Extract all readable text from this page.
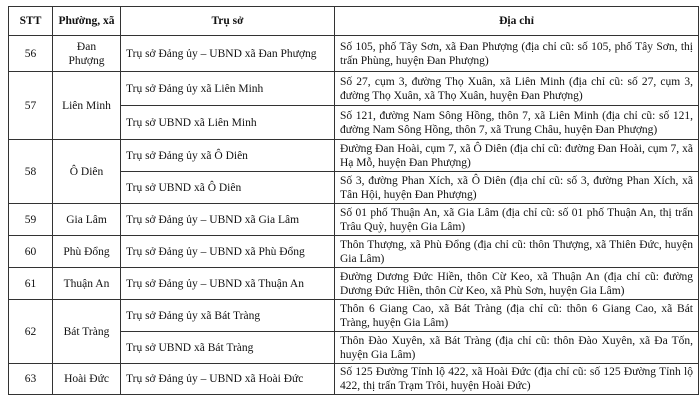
STT	Phường, xã	Trụ sở	Địa chỉ
56	Đan Phượng	Trụ sở Đảng ủy – UBND xã Đan Phượng	Số 105, phố Tây Sơn, xã Đan Phượng (địa chỉ cũ: số 105, phố Tây Sơn, thị trấn Phùng, huyện Đan Phượng)
57	Liên Minh	Trụ sở Đảng ủy xã Liên Minh	Số 27, cụm 3, đường Thọ Xuân, xã Liên Minh (địa chỉ cũ: số 27, cụm 3, đường Thọ Xuân, xã Thọ Xuân, huyện Đan Phượng)
		Trụ sở UBND xã Liên Minh	Số 121, đường Nam Sông Hồng, thôn 7, xã Liên Minh (địa chỉ cũ: số 121, đường Nam Sông Hồng, thôn 7, xã Trung Châu, huyện Đan Phượng)
58	Ô Diên	Trụ sở Đảng ủy xã Ô Diên	Đường Đan Hoài, cụm 7, xã Ô Diên (địa chỉ cũ: đường Đan Hoài, cụm 7, xã Hạ Mỗ, huyện Đan Phượng)
		Trụ sở UBND xã Ô Diên	Số 3, đường Phan Xích, xã Ô Diên (địa chỉ cũ: số 3, đường Phan Xích, xã Tân Hội, huyện Đan Phượng)
59	Gia Lâm	Trụ sở Đảng ủy – UBND xã Gia Lâm	Số 01 phố Thuận An, xã Gia Lâm (địa chỉ cũ: số 01 phố Thuận An, thị trấn Trâu Quỳ, huyện Gia Lâm)
60	Phù Đổng	Trụ sở Đảng ủy – UBND xã Phù Đổng	Thôn Thượng, xã Phù Đổng (địa chỉ cũ: thôn Thượng, xã Thiên Đức, huyện Gia Lâm)
61	Thuận An	Trụ sở Đảng ủy – UBND xã Thuận An	Đường Dương Đức Hiền, thôn Cừ Keo, xã Thuận An (địa chỉ cũ: đường Dương Đức Hiền, thôn Cừ Keo, xã Phù Sơn, huyện Gia Lâm)
62	Bát Tràng	Trụ sở Đảng ủy xã Bát Tràng	Thôn 6 Giang Cao, xã Bát Tràng (địa chỉ cũ: thôn 6 Giang Cao, xã Bát Tràng, huyện Gia Lâm)
		Trụ sở UBND xã Bát Tràng	Thôn Đào Xuyên, xã Bát Tràng (địa chỉ cũ: thôn Đào Xuyên, xã Đa Tốn, huyện Gia Lâm)
63	Hoài Đức	Trụ sở Đảng ủy – UBND xã Hoài Đức	Số 125 Đường Tỉnh lộ 422, xã Hoài Đức (địa chỉ cũ: số 125 Đường Tỉnh lộ 422, thị trấn Trạm Trôi, huyện Hoài Đức)
